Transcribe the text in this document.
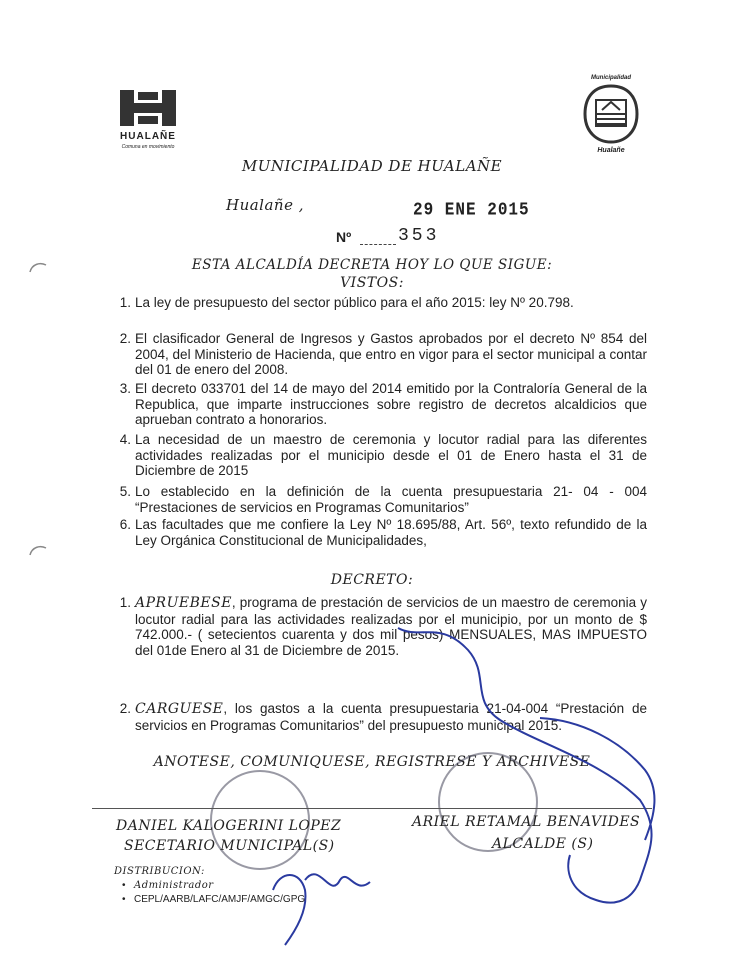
HUALAÑE
Comuna en movimiento
Municipalidad
Hualañe
MUNICIPALIDAD DE HUALAÑE
Hualañe ,	29 ENE 2015
Nº	353
ESTA ALCALDÍA DECRETA HOY LO QUE SIGUE:
VISTOS:
1. La ley de presupuesto del sector público para el año 2015: ley Nº 20.798.
2. El clasificador General de Ingresos y Gastos aprobados por el decreto Nº 854 del 2004, del Ministerio de Hacienda, que entro en vigor para el sector municipal a contar del 01 de enero del 2008.
3. El decreto 033701 del 14 de mayo del 2014 emitido por la Contraloría General de la Republica, que imparte instrucciones sobre registro de decretos alcaldicios que aprueban contrato a honorarios.
4. La necesidad de un maestro de ceremonia y locutor radial para las diferentes actividades realizadas por el municipio desde el 01 de Enero hasta el 31 de Diciembre de 2015
5. Lo establecido en la definición de la cuenta presupuestaria 21- 04 - 004 “Prestaciones de servicios en Programas Comunitarios”
6. Las facultades que me confiere la Ley Nº 18.695/88, Art. 56º, texto refundido de la Ley Orgánica Constitucional de Municipalidades,
DECRETO:
1. APRUEBESE, programa de prestación de servicios de un maestro de ceremonia y locutor radial para las actividades realizadas por el municipio, por un monto de $ 742.000.- ( setecientos cuarenta y dos mil pesos) MENSUALES, MAS IMPUESTO del 01de Enero al 31 de Diciembre de 2015.
2. CARGUESE, los gastos a la cuenta presupuestaria 21-04-004 “Prestación de servicios en Programas Comunitarios” del presupuesto municipal 2015.
ANOTESE, COMUNIQUESE, REGISTRESE Y ARCHIVESE
DANIEL KALOGERINI LOPEZ
SECETARIO MUNICIPAL(S)
ARIEL RETAMAL BENAVIDES
ALCALDE (S)
DISTRIBUCION:
• Administrador
• CEPL/AARB/LAFC/AMJF/AMGC/GPG
